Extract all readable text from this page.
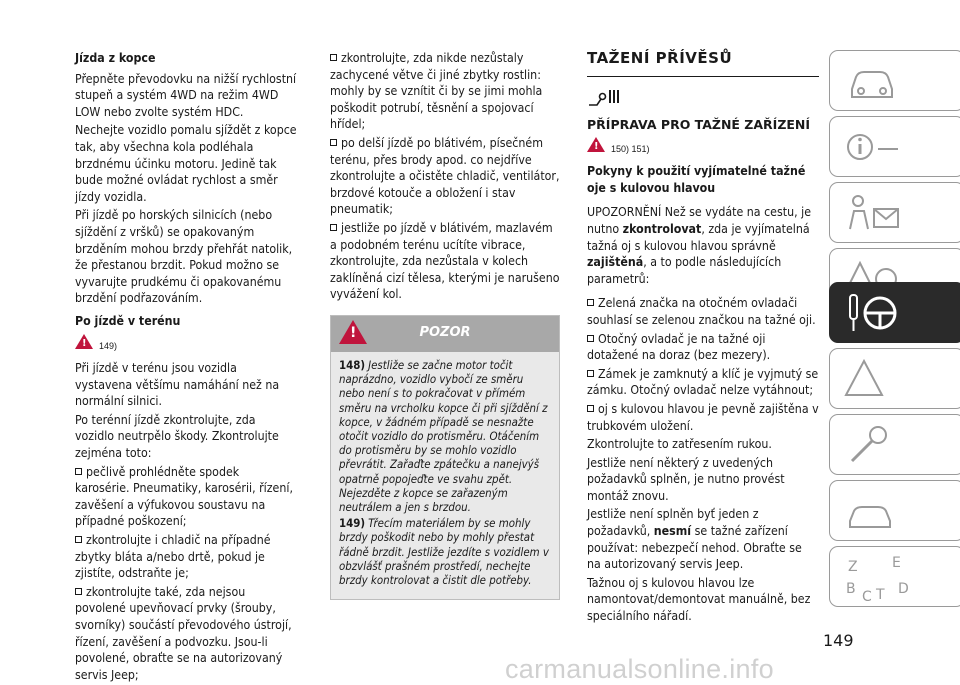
Jízda z kopce

Přepněte převodovku na nižší rychlostní stupeň a systém 4WD na režim 4WD LOW nebo zvolte systém HDC.

Nechejte vozidlo pomalu sjíždět z kopce tak, aby všechna kola podléhala brzdnému účinku motoru. Jedině tak bude možné ovládat rychlost a směr jízdy vozidla.

Při jízdě po horských silnicích (nebo sjíždění z vršků) se opakovaným brzděním mohou brzdy přehřát natolik, že přestanou brzdit. Pokud možno se vyvarujte prudkému či opakovanému brzdění podřazováním.

Po jízdě v terénu

!
149)

Při jízdě v terénu jsou vozidla vystavena většímu namáhání než na normální silnici.

Po terénní jízdě zkontrolujte, zda vozidlo neutrpělo škody. Zkontrolujte zejména toto:

pečlivě prohlédněte spodek karosérie. Pneumatiky, karosérii, řízení, zavěšení a výfukovou soustavu na případné poškození;

zkontrolujte i chladič na případné zbytky bláta a/nebo drtě, pokud je zjistíte, odstraňte je;

zkontrolujte také, zda nejsou povolené upevňovací prvky (šrouby, svorníky) součástí převodového ústrojí, řízení, zavěšení a podvozku. Jsou-li povolené, obraťte se na autorizovaný servis Jeep;

zkontrolujte, zda nikde nezůstaly zachycené větve či jiné zbytky rostlin: mohly by se vznítit či by se jimi mohla poškodit potrubí, těsnění a spojovací hřídel;

po delší jízdě po blátivém, písečném terénu, přes brody apod. co nejdříve zkontrolujte a očistěte chladič, ventilátor, brzdové kotouče a obložení i stav pneumatik;

jestliže po jízdě v blátivém, mazlavém a podobném terénu ucítíte vibrace, zkontrolujte, zda nezůstala v kolech zaklíněná cizí tělesa, kterými je narušeno vyvážení kol.

!
POZOR

148) Jestliže se začne motor točit naprázdno, vozidlo vybočí ze směru nebo není s to pokračovat v přímém směru na vrcholku kopce či při sjíždění z kopce, v žádném případě se nesnažte otočit vozidlo do protisměru. Otáčením do protisměru by se mohlo vozidlo převrátit. Zařaďte zpátečku a nanejvýš opatrně popojeďte ve svahu zpět. Nejezděte z kopce se zařazeným neutrálem a jen s brzdou.

149) Třecím materiálem by se mohly brzdy poškodit nebo by mohly přestat řádně brzdit. Jestliže jezdíte s vozidlem v obzvlášť prašném prostředí, nechejte brzdy kontrolovat a čistit dle potřeby.

TAŽENÍ PŘÍVĚSŮ
PŘÍPRAVA PRO TAŽNÉ ZAŘÍZENÍ
!
150) 151)

Pokyny k použití vyjímatelné tažné oje s kulovou hlavou

UPOZORNĚNÍ Než se vydáte na cestu, je nutno zkontrolovat, zda je vyjímatelná tažná oj s kulovou hlavou správně zajištěná, a to podle následujících parametrů:

Zelená značka na otočném ovladači souhlasí se zelenou značkou na tažné oji.

Otočný ovladač je na tažné oji dotažené na doraz (bez mezery).

Zámek je zamknutý a klíč je vyjmutý se zámku. Otočný ovladač nelze vytáhnout;

oj s kulovou hlavou je pevně zajištěna v trubkovém uložení.

Zkontrolujte to zatřesením rukou.

Jestliže není některý z uvedených požadavků splněn, je nutno provést montáž znovu.

Jestliže není splněn byť jeden z požadavků, nesmí se tažné zařízení používat: nebezpečí nehod. Obraťte se na autorizovaný servis Jeep.

Tažnou oj s kulovou hlavou lze namontovat/demontovat manuálně, bez speciálního nářadí.

Z E
B C T D
149
carmanualsonline.info
